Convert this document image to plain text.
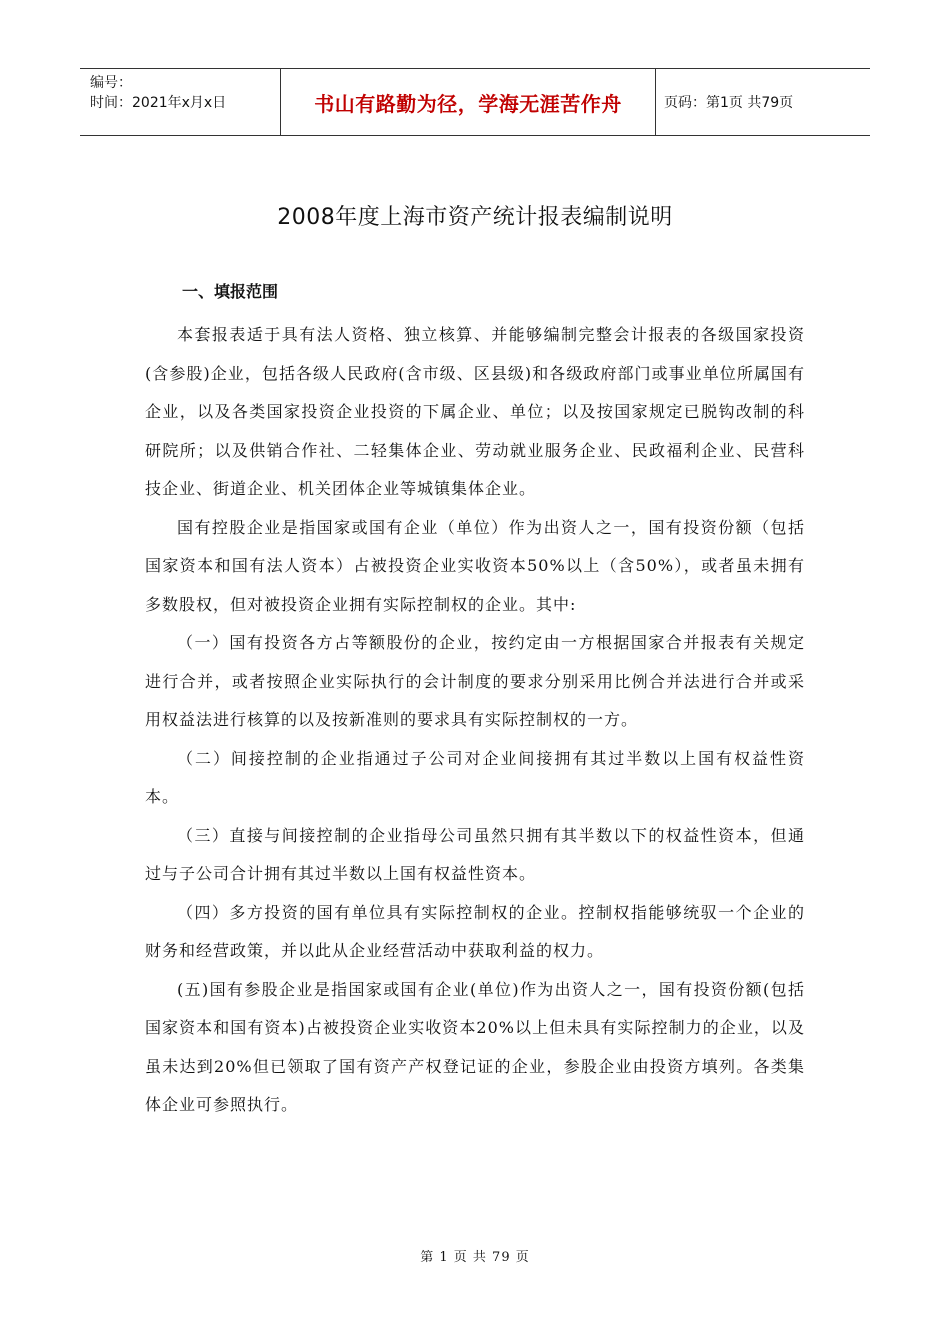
编号：
时间：2021年x月x日	书山有路勤为径，学海无涯苦作舟	页码：第1页 共79页
2008年度上海市资产统计报表编制说明
一、填报范围

本套报表适于具有法人资格、独立核算、并能够编制完整会计报表的各级国家投资(含参股)企业，包括各级人民政府(含市级、区县级)和各级政府部门或事业单位所属国有企业，以及各类国家投资企业投资的下属企业、单位；以及按国家规定已脱钩改制的科研院所；以及供销合作社、二轻集体企业、劳动就业服务企业、民政福利企业、民营科技企业、街道企业、机关团体企业等城镇集体企业。

国有控股企业是指国家或国有企业（单位）作为出资人之一，国有投资份额（包括国家资本和国有法人资本）占被投资企业实收资本50%以上（含50%），或者虽未拥有多数股权，但对被投资企业拥有实际控制权的企业。其中:

（一）国有投资各方占等额股份的企业，按约定由一方根据国家合并报表有关规定进行合并，或者按照企业实际执行的会计制度的要求分别采用比例合并法进行合并或采用权益法进行核算的以及按新准则的要求具有实际控制权的一方。

（二）间接控制的企业指通过子公司对企业间接拥有其过半数以上国有权益性资本。

（三）直接与间接控制的企业指母公司虽然只拥有其半数以下的权益性资本，但通过与子公司合计拥有其过半数以上国有权益性资本。

（四）多方投资的国有单位具有实际控制权的企业。控制权指能够统驭一个企业的财务和经营政策，并以此从企业经营活动中获取利益的权力。

(五)国有参股企业是指国家或国有企业(单位)作为出资人之一，国有投资份额(包括国家资本和国有资本)占被投资企业实收资本20%以上但未具有实际控制力的企业，以及虽未达到20%但已领取了国有资产产权登记证的企业，参股企业由投资方填列。各类集体企业可参照执行。

第 1 页 共 79 页
